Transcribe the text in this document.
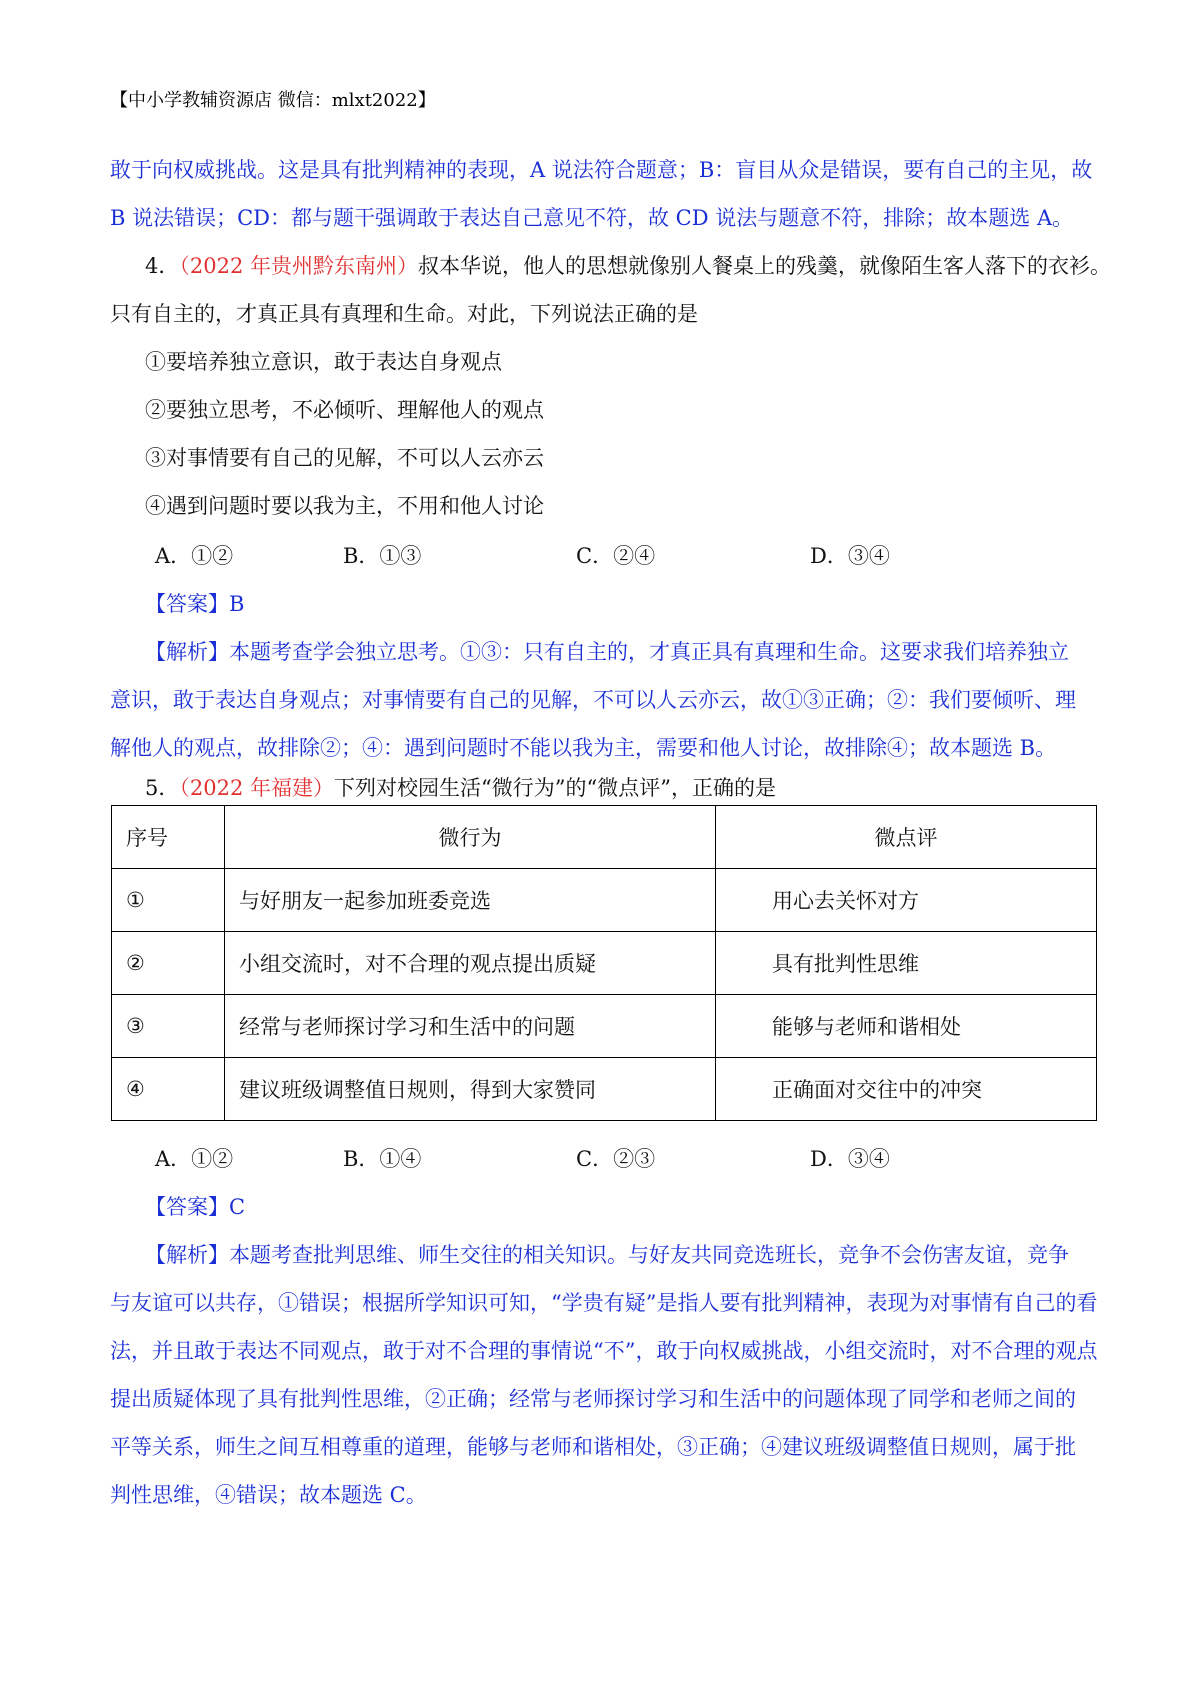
【中小学教辅资源店 微信：mlxt2022】
敢于向权威挑战。这是具有批判精神的表现，A 说法符合题意；B：盲目从众是错误，要有自己的主见，故
B 说法错误；CD：都与题干强调敢于表达自己意见不符，故 CD 说法与题意不符，排除；故本题选 A。
4．（2022 年贵州黔东南州）叔本华说，他人的思想就像别人餐桌上的残羹，就像陌生客人落下的衣衫。
只有自主的，才真正具有真理和生命。对此，下列说法正确的是
①要培养独立意识，敢于表达自身观点
②要独立思考，不必倾听、理解他人的观点
③对事情要有自己的见解，不可以人云亦云
④遇到问题时要以我为主，不用和他人讨论
A．①②	B．①③	C．②④	D．③④
【答案】B
【解析】本题考查学会独立思考。①③：只有自主的，才真正具有真理和生命。这要求我们培养独立
意识，敢于表达自身观点；对事情要有自己的见解，不可以人云亦云，故①③正确；②：我们要倾听、理
解他人的观点，故排除②；④：遇到问题时不能以我为主，需要和他人讨论，故排除④；故本题选 B。
5．（2022 年福建）下列对校园生活“微行为”的“微点评”，正确的是
序号	微行为	微点评
①	与好朋友一起参加班委竞选	用心去关怀对方
②	小组交流时，对不合理的观点提出质疑	具有批判性思维
③	经常与老师探讨学习和生活中的问题	能够与老师和谐相处
④	建议班级调整值日规则，得到大家赞同	正确面对交往中的冲突
A．①②	B．①④	C．②③	D．③④
【答案】C
【解析】本题考查批判思维、师生交往的相关知识。与好友共同竞选班长，竞争不会伤害友谊，竞争
与友谊可以共存，①错误；根据所学知识可知，“学贵有疑”是指人要有批判精神，表现为对事情有自己的看
法，并且敢于表达不同观点，敢于对不合理的事情说“不”，敢于向权威挑战，小组交流时，对不合理的观点
提出质疑体现了具有批判性思维，②正确；经常与老师探讨学习和生活中的问题体现了同学和老师之间的
平等关系，师生之间互相尊重的道理，能够与老师和谐相处，③正确；④建议班级调整值日规则，属于批
判性思维，④错误；故本题选 C。
